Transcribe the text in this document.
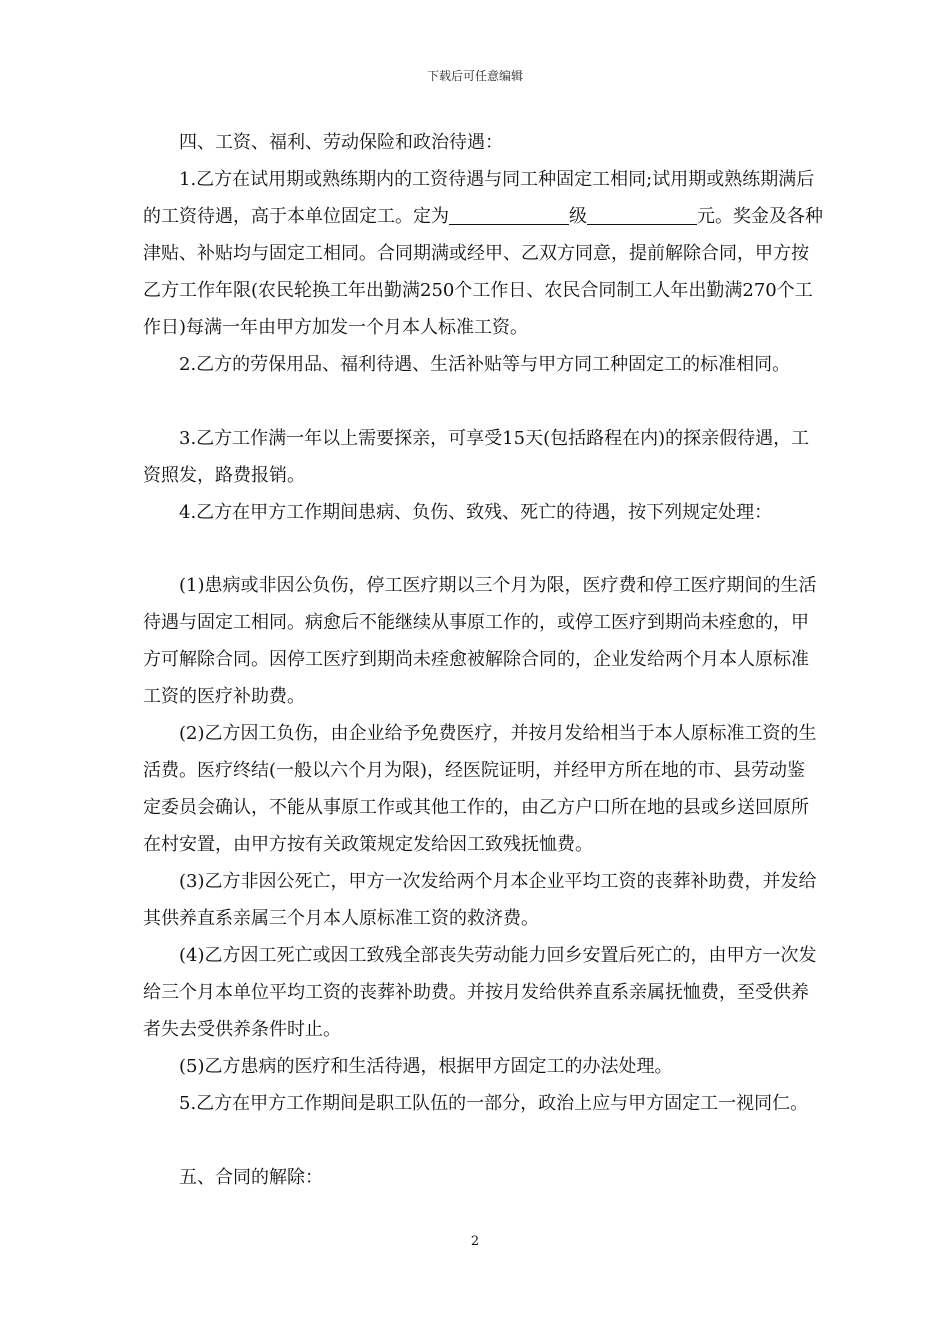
下载后可任意编辑

四、工资、福利、劳动保险和政治待遇：

1.乙方在试用期或熟练期内的工资待遇与同工种固定工相同;试用期或熟练期满后的工资待遇，高于本单位固定工。定为	级	元。奖金及各种津贴、补贴均与固定工相同。合同期满或经甲、乙双方同意，提前解除合同，甲方按乙方工作年限(农民轮换工年出勤满250个工作日、农民合同制工人年出勤满270个工作日)每满一年由甲方加发一个月本人标准工资。

2.乙方的劳保用品、福利待遇、生活补贴等与甲方同工种固定工的标准相同。

3.乙方工作满一年以上需要探亲，可享受15天(包括路程在内)的探亲假待遇，工资照发，路费报销。

4.乙方在甲方工作期间患病、负伤、致残、死亡的待遇，按下列规定处理：

(1)患病或非因公负伤，停工医疗期以三个月为限，医疗费和停工医疗期间的生活待遇与固定工相同。病愈后不能继续从事原工作的，或停工医疗到期尚未痊愈的，甲方可解除合同。因停工医疗到期尚未痊愈被解除合同的，企业发给两个月本人原标准工资的医疗补助费。

(2)乙方因工负伤，由企业给予免费医疗，并按月发给相当于本人原标准工资的生活费。医疗终结(一般以六个月为限)，经医院证明，并经甲方所在地的市、县劳动鉴定委员会确认，不能从事原工作或其他工作的，由乙方户口所在地的县或乡送回原所在村安置，由甲方按有关政策规定发给因工致残抚恤费。

(3)乙方非因公死亡，甲方一次发给两个月本企业平均工资的丧葬补助费，并发给其供养直系亲属三个月本人原标准工资的救济费。

(4)乙方因工死亡或因工致残全部丧失劳动能力回乡安置后死亡的，由甲方一次发给三个月本单位平均工资的丧葬补助费。并按月发给供养直系亲属抚恤费，至受供养者失去受供养条件时止。

(5)乙方患病的医疗和生活待遇，根据甲方固定工的办法处理。

5.乙方在甲方工作期间是职工队伍的一部分，政治上应与甲方固定工一视同仁。

五、合同的解除：

2
